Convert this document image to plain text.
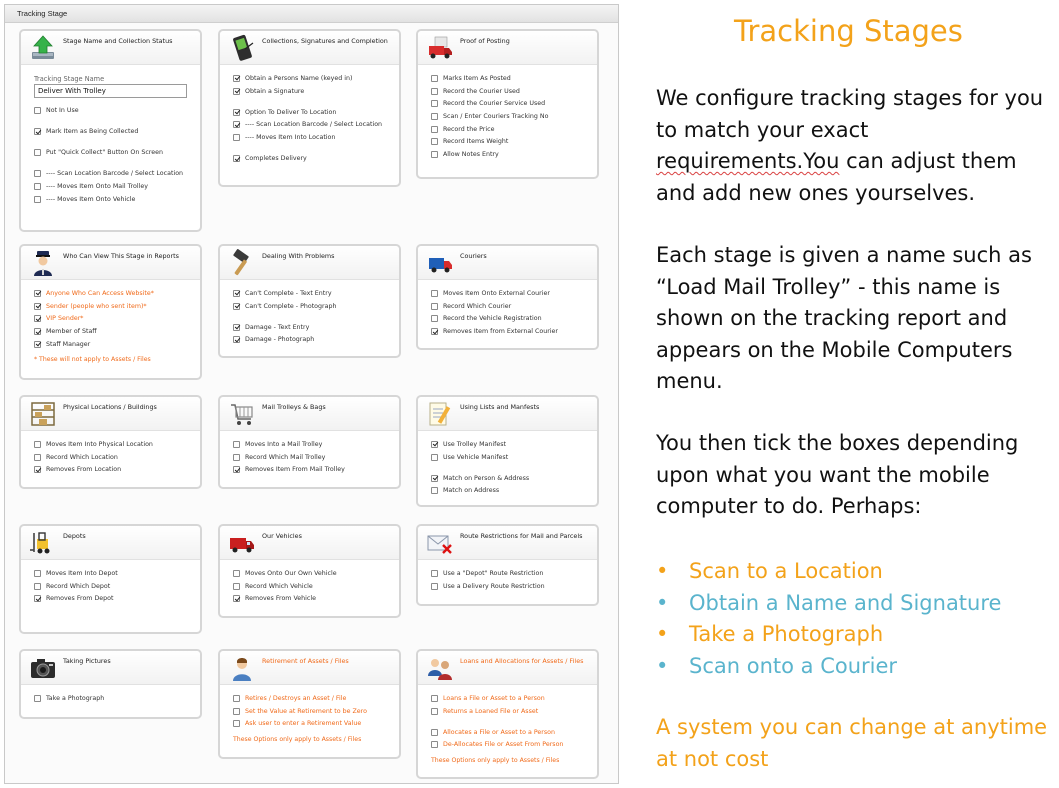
Tracking Stage
Stage Name and Collection Status
Tracking Stage Name
Deliver With Trolley
Not In Use
Mark Item as Being Collected
Put "Quick Collect" Button On Screen
---- Scan Location Barcode / Select Location
---- Moves Item Onto Mail Trolley
---- Moves Item Onto Vehicle
Collections, Signatures and Completion
Obtain a Persons Name (keyed in)
Obtain a Signature
Option To Deliver To Location
---- Scan Location Barcode / Select Location
---- Moves Item Into Location
Completes Delivery
Proof of Posting
Marks Item As Posted
Record the Courier Used
Record the Courier Service Used
Scan / Enter Couriers Tracking No
Record the Price
Record Items Weight
Allow Notes Entry
Who Can View This Stage in Reports
Anyone Who Can Access Website*
Sender (people who sent item)*
VIP Sender*
Member of Staff
Staff Manager
* These will not apply to Assets / Files
Dealing With Problems
Can't Complete - Text Entry
Can't Complete - Photograph
Damage - Text Entry
Damage - Photograph
Couriers
Moves Item Onto External Courier
Record Which Courier
Record the Vehicle Registration
Removes Item from External Courier
Physical Locations / Buildings
Moves Item Into Physical Location
Record Which Location
Removes From Location
Mail Trolleys & Bags
Moves Into a Mail Trolley
Record Which Mail Trolley
Removes Item From Mail Trolley
Using Lists and Manfests
Use Trolley Manifest
Use Vehicle Manifest
Match on Person & Address
Match on Address
Depots
Moves Item Into Depot
Record Which Depot
Removes From Depot
Our Vehicles
Moves Onto Our Own Vehicle
Record Which Vehicle
Removes From Vehicle
Route Restrictions for Mail and Parcels
Use a "Depot" Route Restriction
Use a Delivery Route Restriction
Taking Pictures
Take a Photograph
Retirement of Assets / Files
Retires / Destroys an Asset / File
Set the Value at Retirement to be Zero
Ask user to enter a Retirement Value
These Options only apply to Assets / Files
Loans and Allocations for Assets / Files
Loans a File or Asset to a Person
Returns a Loaned File or Asset
Allocates a File or Asset to a Person
De-Allocates File or Asset From Person
These Options only apply to Assets / Files
Tracking Stages
We configure tracking stages for you to match your exact requirements.You can adjust them and add new ones yourselves.
Each stage is given a name such as “Load Mail Trolley” - this name is shown on the tracking report and appears on the Mobile Computers menu.
You then tick the boxes depending upon what you want the mobile computer to do. Perhaps:
• Scan to a Location
• Obtain a Name and Signature
• Take a Photograph
• Scan onto a Courier
A system you can change at anytime at not cost
